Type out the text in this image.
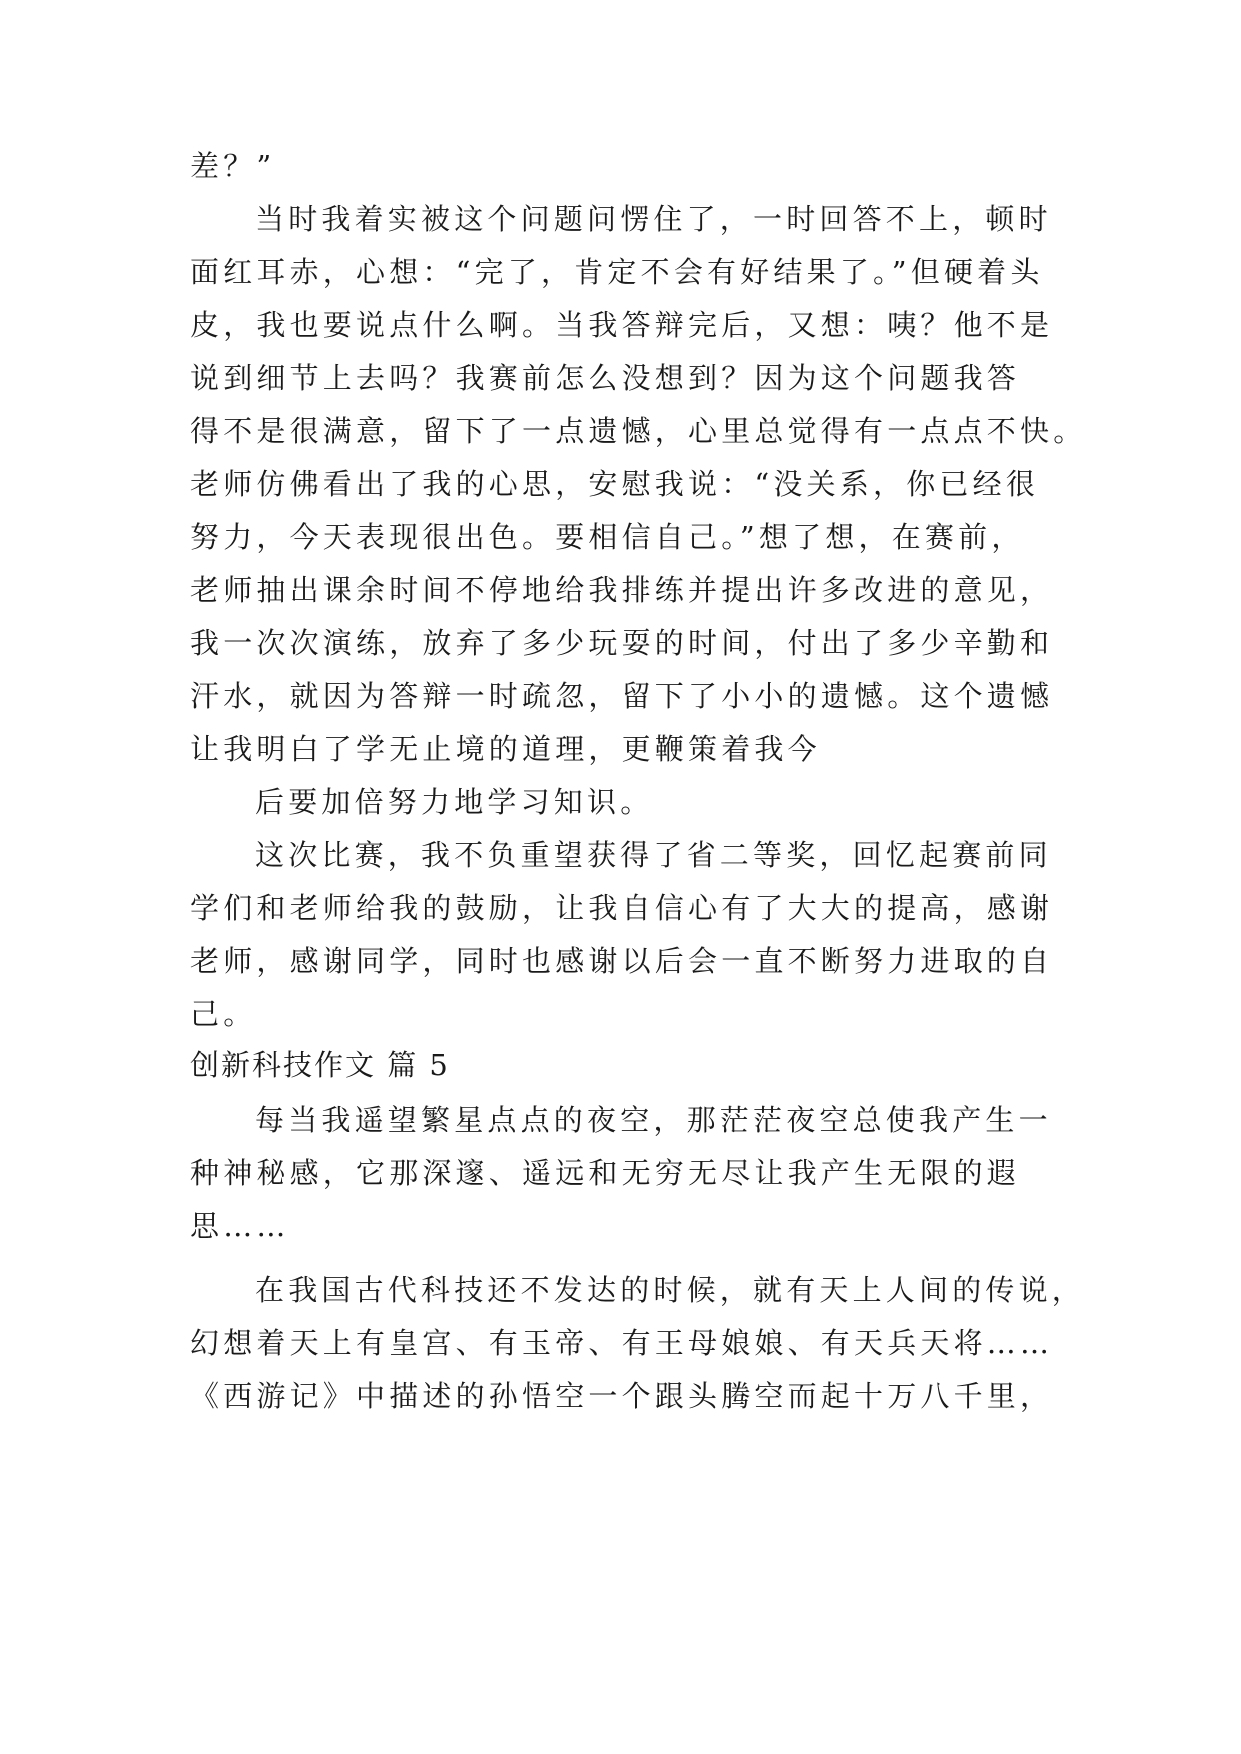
差？”
当时我着实被这个问题问愣住了，一时回答不上，顿时
面红耳赤，心想：“完了，肯定不会有好结果了。”但硬着头
皮，我也要说点什么啊。当我答辩完后，又想：咦？他不是
说到细节上去吗？我赛前怎么没想到？因为这个问题我答
得不是很满意，留下了一点遗憾，心里总觉得有一点点不快。
老师仿佛看出了我的心思，安慰我说：“没关系，你已经很
努力，今天表现很出色。要相信自己。”想了想，在赛前，
老师抽出课余时间不停地给我排练并提出许多改进的意见，
我一次次演练，放弃了多少玩耍的时间，付出了多少辛勤和
汗水，就因为答辩一时疏忽，留下了小小的遗憾。这个遗憾
让我明白了学无止境的道理，更鞭策着我今
后要加倍努力地学习知识。
这次比赛，我不负重望获得了省二等奖，回忆起赛前同
学们和老师给我的鼓励，让我自信心有了大大的提高，感谢
老师，感谢同学，同时也感谢以后会一直不断努力进取的自
己。
创新科技作文 篇 5
每当我遥望繁星点点的夜空，那茫茫夜空总使我产生一
种神秘感，它那深邃、遥远和无穷无尽让我产生无限的遐
思……
在我国古代科技还不发达的时候，就有天上人间的传说，
幻想着天上有皇宫、有玉帝、有王母娘娘、有天兵天将……
《西游记》中描述的孙悟空一个跟头腾空而起十万八千里，
